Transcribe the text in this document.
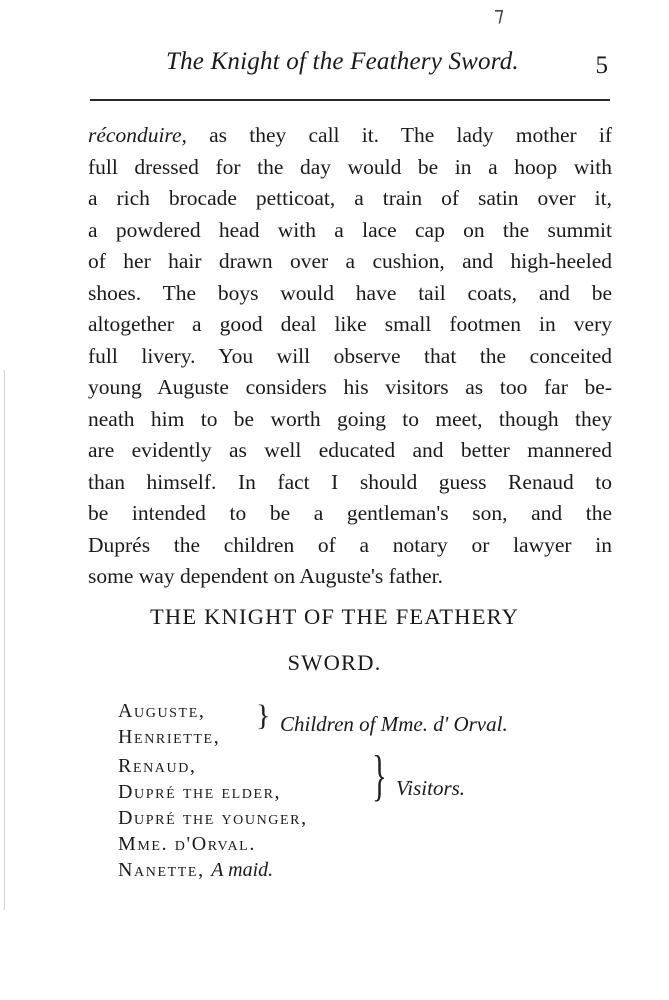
⁊
The Knight of the Feathery Sword.	5
réconduire, as they call it. The lady mother if
full dressed for the day would be in a hoop with
a rich brocade petticoat, a train of satin over it,
a powdered head with a lace cap on the summit
of her hair drawn over a cushion, and high-heeled
shoes. The boys would have tail coats, and be
altogether a good deal like small footmen in very
full livery. You will observe that the conceited
young Auguste considers his visitors as too far be-
neath him to be worth going to meet, though they
are evidently as well educated and better mannered
than himself. In fact I should guess Renaud to
be intended to be a gentleman's son, and the
Duprés the children of a notary or lawyer in
some way dependent on Auguste's father.
THE KNIGHT OF THE FEATHERY
SWORD.
Auguste,
Henriette,
} Children of Mme. d' Orval.
Renaud,
Dupré the elder,
Dupré the younger,
} Visitors.
Mme. d'Orval.
Nanette, A maid.
